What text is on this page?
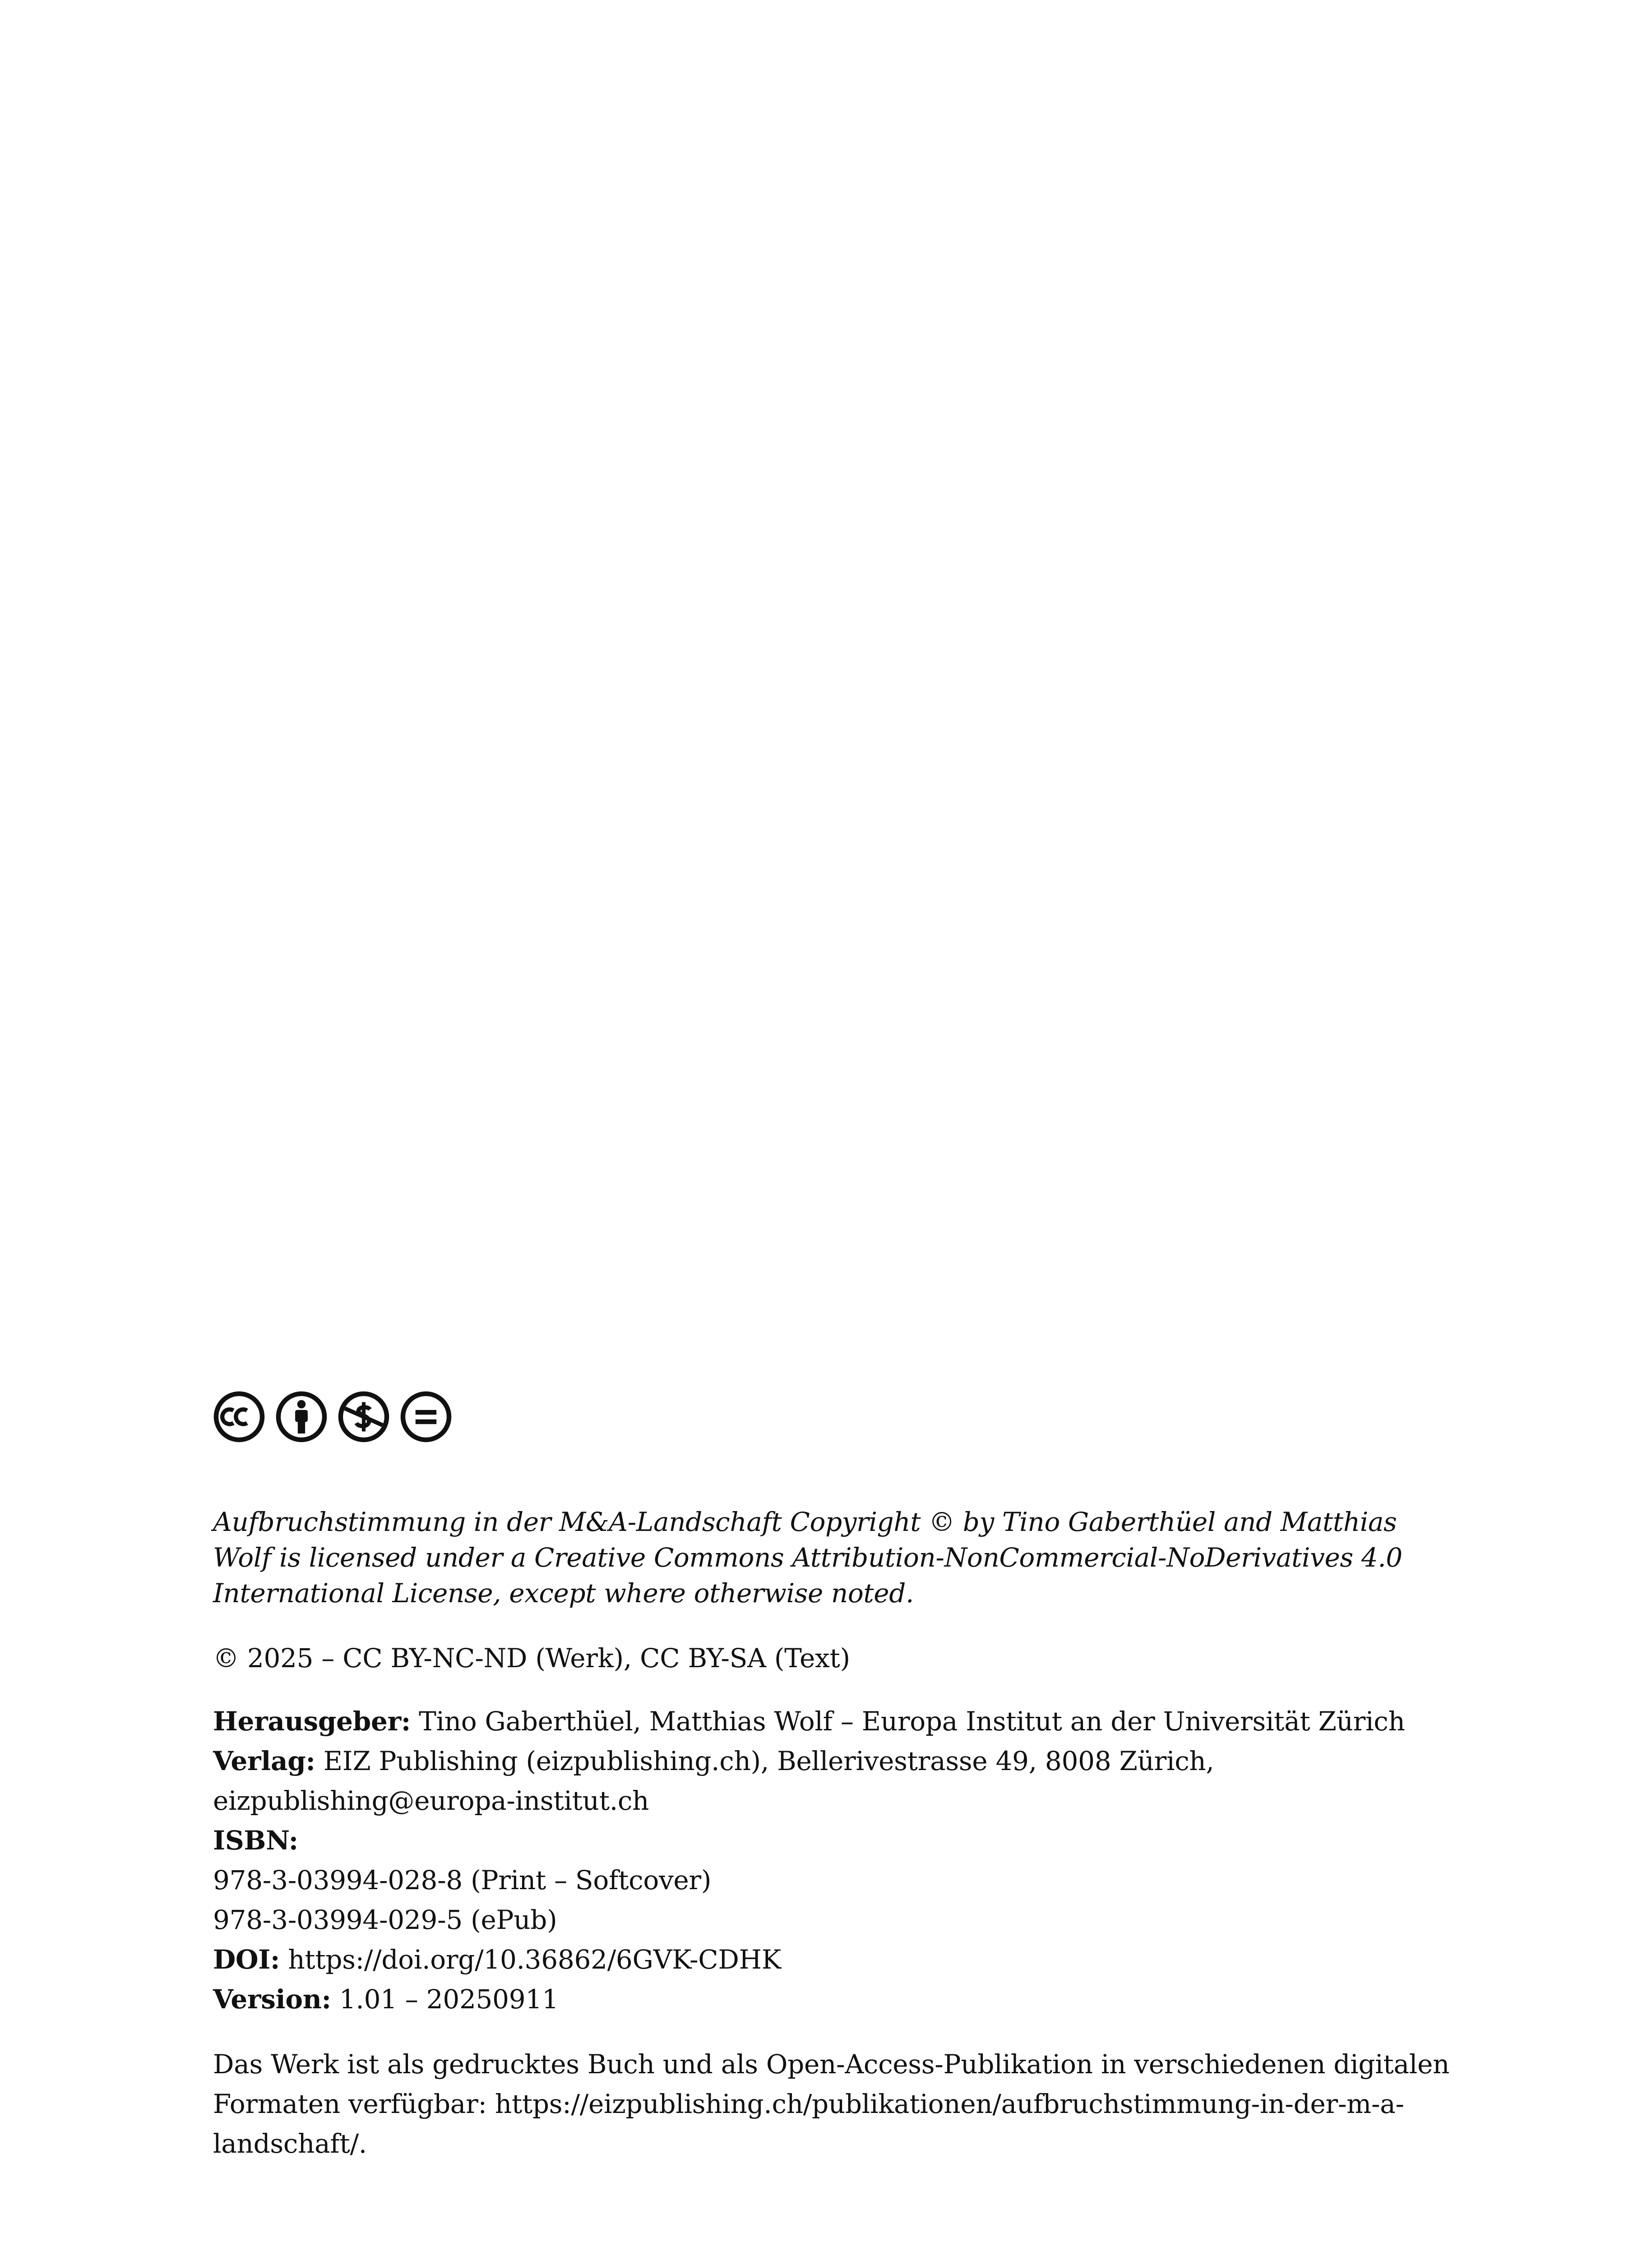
Aufbruchstimmung in der M&A-Landschaft Copyright © by Tino Gaberthüel and Matthias Wolf is licensed under a Creative Commons Attribution-NonCommercial-NoDerivatives 4.0 International License, except where otherwise noted.
© 2025 – CC BY-NC-ND (Werk), CC BY-SA (Text)
Herausgeber: Tino Gaberthüel, Matthias Wolf – Europa Institut an der Universität Zürich
Verlag: EIZ Publishing (eizpublishing.ch), Bellerivestrasse 49, 8008 Zürich, eizpublishing@europa-institut.ch
ISBN:
978-3-03994-028-8 (Print – Softcover)
978-3-03994-029-5 (ePub)
DOI: https://doi.org/10.36862/6GVK-CDHK
Version: 1.01 – 20250911
Das Werk ist als gedrucktes Buch und als Open-Access-Publikation in verschiedenen digitalen Formaten verfügbar: https://eizpublishing.ch/publikationen/aufbruchstimmung-in-der-m-a-landschaft/.
